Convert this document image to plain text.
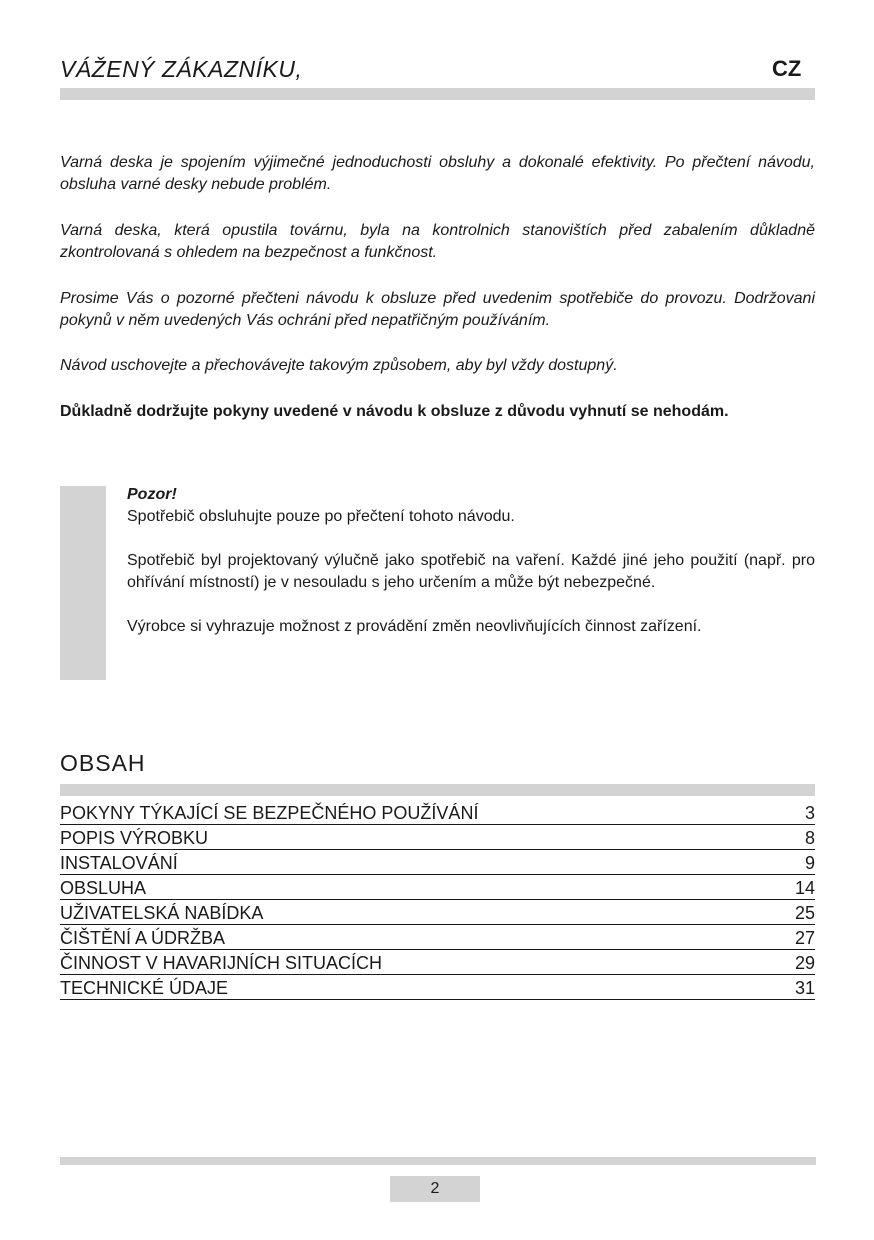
VÁŽENÝ ZÁKAZNÍKU,	CZ

Varná deska je spojením výjimečné jednoduchosti obsluhy a dokonalé efektivity. Po přečtení návodu, obsluha varné desky nebude problém.

Varná deska, která opustila továrnu, byla na kontrolnich stanovištích před zabalením důkladně zkontrolovaná s ohledem na bezpečnost a funkčnost.

Prosime Vás o pozorné přečteni návodu k obsluze před uvedenim spotřebiče do provozu. Dodržovani pokynů v něm uvedených Vás ochráni před nepatřičným používáním.

Návod uschovejte a přechovávejte takovým způsobem, aby byl vždy dostupný.

Důkladně dodržujte pokyny uvedené v návodu k obsluze z důvodu vyhnutí se nehodám.

Pozor!

Spotřebič obsluhujte pouze po přečtení tohoto návodu.

Spotřebič byl projektovaný výlučně jako spotřebič na vaření. Každé jiné jeho použití (např. pro ohřívání místností) je v nesouladu s jeho určením a může být nebezpečné.

Výrobce si vyhrazuje možnost z provádění změn neovlivňujících činnost zařízení.

OBSAH
POKYNY TÝKAJÍCÍ SE BEZPEČNÉHO POUŽÍVÁNÍ	3
POPIS VÝROBKU	8
INSTALOVÁNÍ	9
OBSLUHA	14
UŽIVATELSKÁ NABÍDKA	25
ČIŠTĚNÍ A ÚDRŽBA	27
ČINNOST V HAVARIJNÍCH SITUACÍCH	29
TECHNICKÉ ÚDAJE	31
2
